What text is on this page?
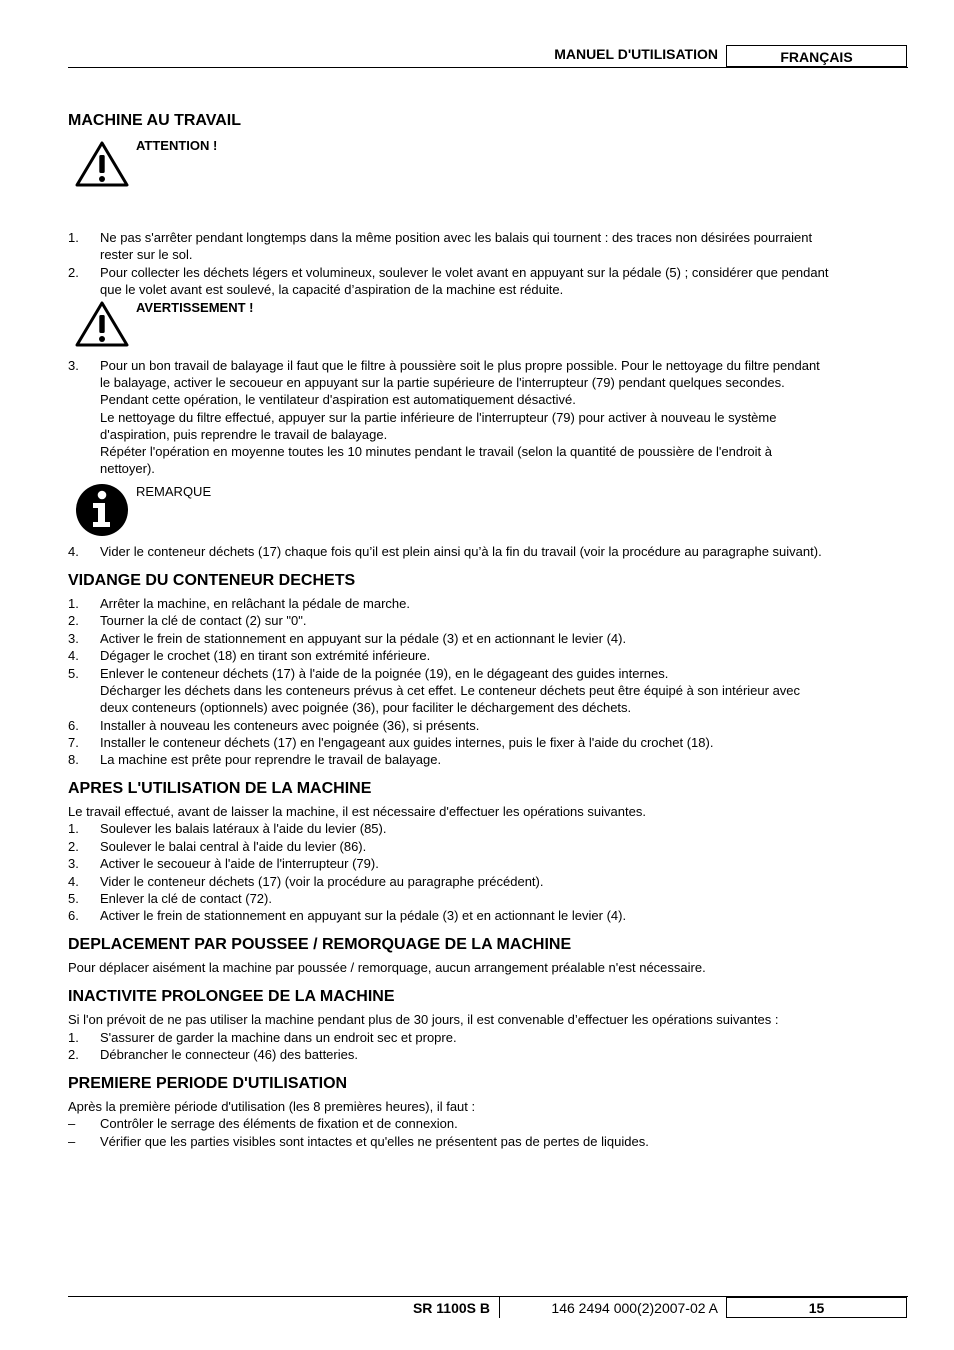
MANUEL D'UTILISATION	FRANÇAIS
MACHINE AU TRAVAIL
ATTENTION !
1. Ne pas s'arrêter pendant longtemps dans la même position avec les balais qui tournent : des traces non désirées pourraient
rester sur le sol.
2. Pour collecter les déchets légers et volumineux, soulever le volet avant en appuyant sur la pédale (5) ; considérer que pendant
que le volet avant est soulevé, la capacité d’aspiration de la machine est réduite.
AVERTISSEMENT !
3. Pour un bon travail de balayage il faut que le filtre à poussière soit le plus propre possible. Pour le nettoyage du filtre pendant
le balayage, activer le secoueur en appuyant sur la partie supérieure de l'interrupteur (79) pendant quelques secondes.
Pendant cette opération, le ventilateur d'aspiration est automatiquement désactivé.
Le nettoyage du filtre effectué, appuyer sur la partie inférieure de l'interrupteur (79) pour activer à nouveau le système
d'aspiration, puis reprendre le travail de balayage.
Répéter l'opération en moyenne toutes les 10 minutes pendant le travail (selon la quantité de poussière de l'endroit à
nettoyer).
REMARQUE
4. Vider le conteneur déchets (17) chaque fois qu’il est plein ainsi qu’à la fin du travail (voir la procédure au paragraphe suivant).
VIDANGE DU CONTENEUR DECHETS
1. Arrêter la machine, en relâchant la pédale de marche.
2. Tourner la clé de contact (2) sur "0".
3. Activer le frein de stationnement en appuyant sur la pédale (3) et en actionnant le levier (4).
4. Dégager le crochet (18) en tirant son extrémité inférieure.
5. Enlever le conteneur déchets (17) à l'aide de la poignée (19), en le dégageant des guides internes.
Décharger les déchets dans les conteneurs prévus à cet effet. Le conteneur déchets peut être équipé à son intérieur avec
deux conteneurs (optionnels) avec poignée (36), pour faciliter le déchargement des déchets.
6. Installer à nouveau les conteneurs avec poignée (36), si présents.
7. Installer le conteneur déchets (17) en l'engageant aux guides internes, puis le fixer à l'aide du crochet (18).
8. La machine est prête pour reprendre le travail de balayage.
APRES L'UTILISATION DE LA MACHINE
Le travail effectué, avant de laisser la machine, il est nécessaire d'effectuer les opérations suivantes.
1. Soulever les balais latéraux à l'aide du levier (85).
2. Soulever le balai central à l'aide du levier (86).
3. Activer le secoueur à l'aide de l'interrupteur (79).
4. Vider le conteneur déchets (17) (voir la procédure au paragraphe précédent).
5. Enlever la clé de contact (72).
6. Activer le frein de stationnement en appuyant sur la pédale (3) et en actionnant le levier (4).
DEPLACEMENT PAR POUSSEE / REMORQUAGE DE LA MACHINE
Pour déplacer aisément la machine par poussée / remorquage, aucun arrangement préalable n'est nécessaire.
INACTIVITE PROLONGEE DE LA MACHINE
Si l'on prévoit de ne pas utiliser la machine pendant plus de 30 jours, il est convenable d’effectuer les opérations suivantes :
1. S'assurer de garder la machine dans un endroit sec et propre.
2. Débrancher le connecteur (46) des batteries.
PREMIERE PERIODE D'UTILISATION
Après la première période d'utilisation (les 8 premières heures), il faut :
– Contrôler le serrage des éléments de fixation et de connexion.
– Vérifier que les parties visibles sont intactes et qu'elles ne présentent pas de pertes de liquides.
SR 1100S B	146 2494 000(2)2007-02 A	15
